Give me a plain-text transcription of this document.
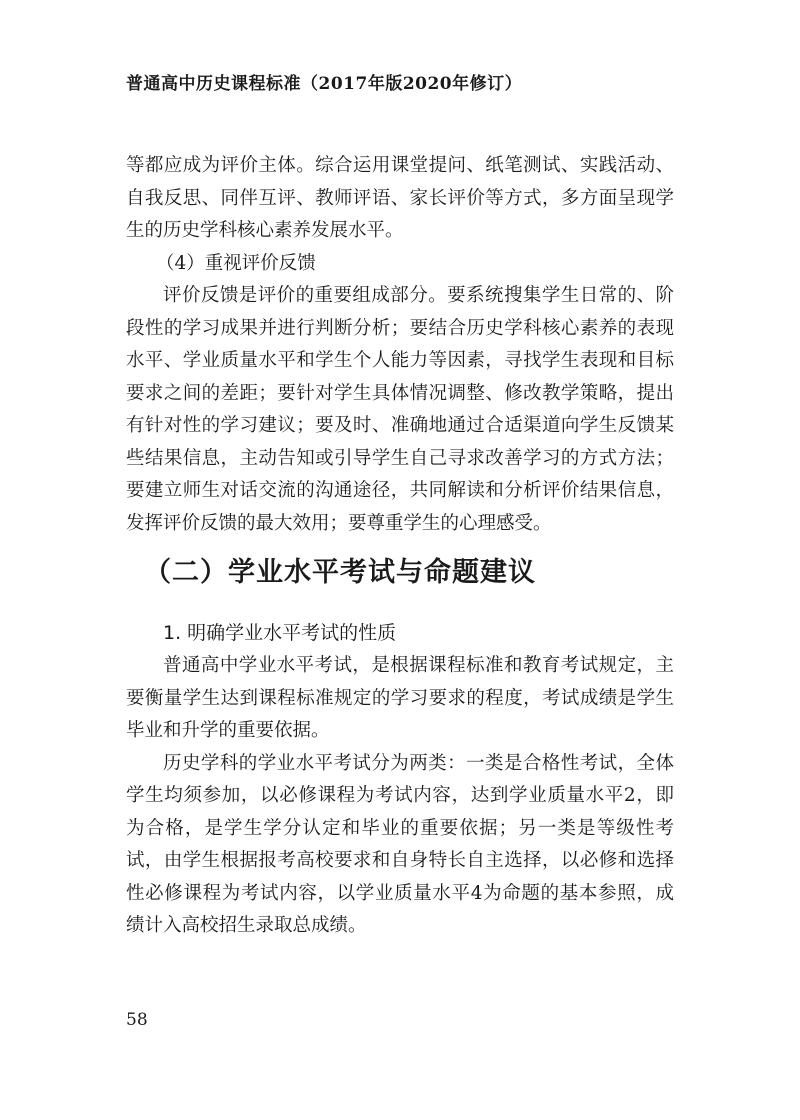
普通高中历史课程标准（2017年版2020年修订）

等都应成为评价主体。综合运用课堂提问、纸笔测试、实践活动、自我反思、同伴互评、教师评语、家长评价等方式，多方面呈现学生的历史学科核心素养发展水平。

（4）重视评价反馈

评价反馈是评价的重要组成部分。要系统搜集学生日常的、阶段性的学习成果并进行判断分析；要结合历史学科核心素养的表现水平、学业质量水平和学生个人能力等因素，寻找学生表现和目标要求之间的差距；要针对学生具体情况调整、修改教学策略，提出有针对性的学习建议；要及时、准确地通过合适渠道向学生反馈某些结果信息，主动告知或引导学生自己寻求改善学习的方式方法；要建立师生对话交流的沟通途径，共同解读和分析评价结果信息，发挥评价反馈的最大效用；要尊重学生的心理感受。

（二）学业水平考试与命题建议
1. 明确学业水平考试的性质

普通高中学业水平考试，是根据课程标准和教育考试规定，主要衡量学生达到课程标准规定的学习要求的程度，考试成绩是学生毕业和升学的重要依据。

历史学科的学业水平考试分为两类：一类是合格性考试，全体学生均须参加，以必修课程为考试内容，达到学业质量水平2，即为合格，是学生学分认定和毕业的重要依据；另一类是等级性考试，由学生根据报考高校要求和自身特长自主选择，以必修和选择性必修课程为考试内容，以学业质量水平4为命题的基本参照，成绩计入高校招生录取总成绩。

58
